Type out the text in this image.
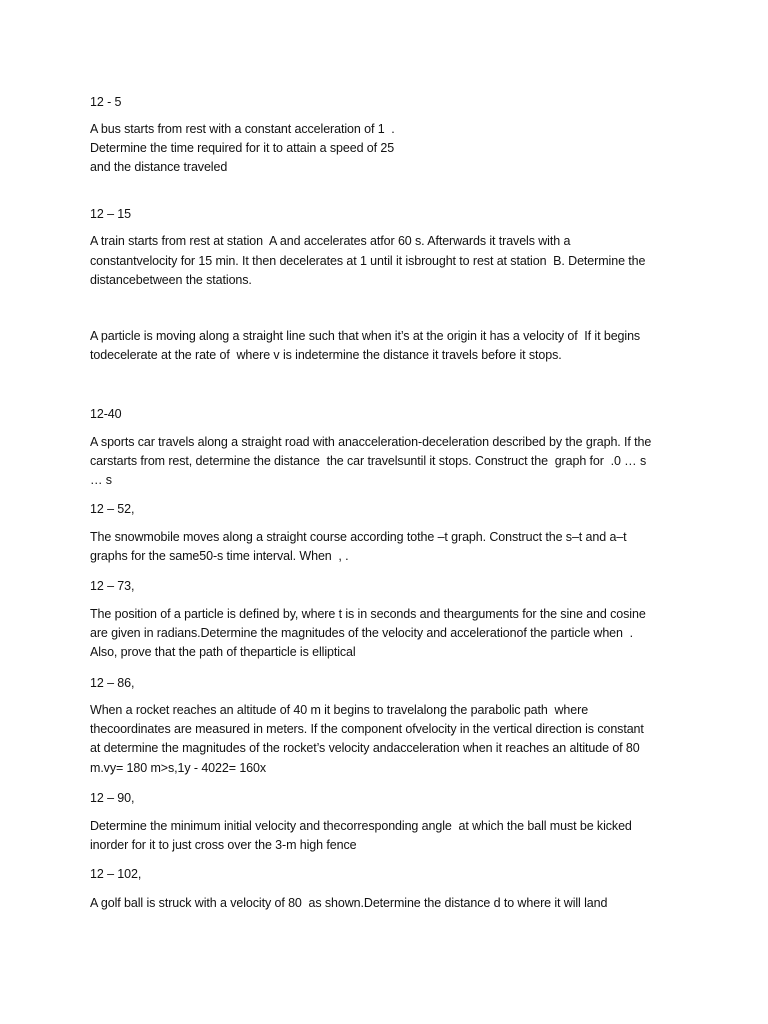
12 - 5
A bus starts from rest with a constant acceleration of 1  .
Determine the time required for it to attain a speed of 25
and the distance traveled
12 – 15
A train starts from rest at station  A and accelerates atfor 60 s. Afterwards it travels with a
constantvelocity for 15 min. It then decelerates at 1 until it isbrought to rest at station  B. Determine the
distancebetween the stations.
A particle is moving along a straight line such that when it’s at the origin it has a velocity of  If it begins
todecelerate at the rate of  where v is indetermine the distance it travels before it stops.
12-40
A sports car travels along a straight road with anacceleration-deceleration described by the graph. If the
carstarts from rest, determine the distance  the car travelsuntil it stops. Construct the  graph for  .0 … s
… s
12 – 52,
The snowmobile moves along a straight course according tothe –t graph. Construct the s–t and a–t
graphs for the same50-s time interval. When  , .
12 – 73,
The position of a particle is defined by, where t is in seconds and thearguments for the sine and cosine
are given in radians.Determine the magnitudes of the velocity and accelerationof the particle when  .
Also, prove that the path of theparticle is elliptical
12 – 86,
When a rocket reaches an altitude of 40 m it begins to travelalong the parabolic path  where
thecoordinates are measured in meters. If the component ofvelocity in the vertical direction is constant
at determine the magnitudes of the rocket’s velocity andacceleration when it reaches an altitude of 80
m.vy= 180 m>s,1y - 4022= 160x
12 – 90,
Determine the minimum initial velocity and thecorresponding angle  at which the ball must be kicked
inorder for it to just cross over the 3-m high fence
12 – 102,
A golf ball is struck with a velocity of 80  as shown.Determine the distance d to where it will land
